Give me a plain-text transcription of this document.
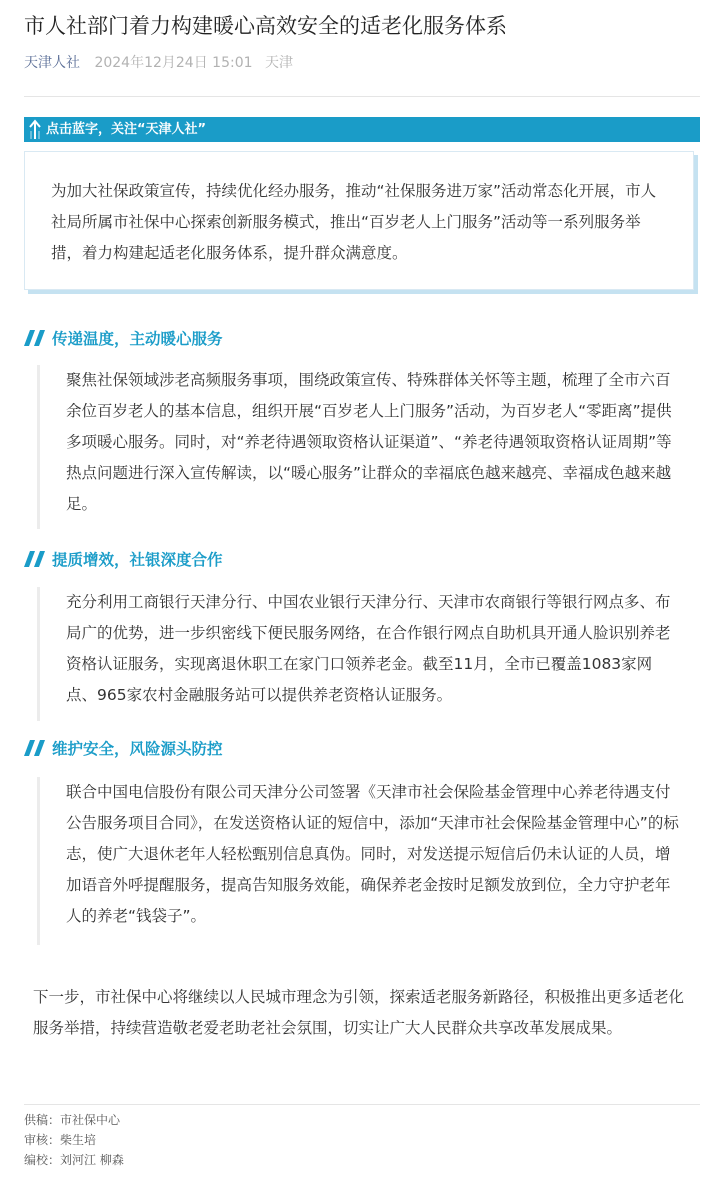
市人社部门着力构建暖心高效安全的适老化服务体系
天津人社 2024年12月24日 15:01 天津
点击蓝字，关注“天津人社”

为加大社保政策宣传，持续优化经办服务，推动“社保服务进万家”活动常态化开展，市人社局所属市社保中心探索创新服务模式，推出“百岁老人上门服务”活动等一系列服务举措，着力构建起适老化服务体系，提升群众满意度。

传递温度，主动暖心服务

聚焦社保领域涉老高频服务事项，围绕政策宣传、特殊群体关怀等主题，梳理了全市六百余位百岁老人的基本信息，组织开展“百岁老人上门服务”活动，为百岁老人“零距离”提供多项暖心服务。同时，对“养老待遇领取资格认证渠道”、“养老待遇领取资格认证周期”等热点问题进行深入宣传解读，以“暖心服务”让群众的幸福底色越来越亮、幸福成色越来越足。

提质增效，社银深度合作

充分利用工商银行天津分行、中国农业银行天津分行、天津市农商银行等银行网点多、布局广的优势，进一步织密线下便民服务网络，在合作银行网点自助机具开通人脸识别养老资格认证服务，实现离退休职工在家门口领养老金。截至11月，全市已覆盖1083家网点、965家农村金融服务站可以提供养老资格认证服务。

维护安全，风险源头防控

联合中国电信股份有限公司天津分公司签署《天津市社会保险基金管理中心养老待遇支付公告服务项目合同》，在发送资格认证的短信中，添加“天津市社会保险基金管理中心”的标志，使广大退休老年人轻松甄别信息真伪。同时，对发送提示短信后仍未认证的人员，增加语音外呼提醒服务，提高告知服务效能，确保养老金按时足额发放到位，全力守护老年人的养老“钱袋子”。

下一步，市社保中心将继续以人民城市理念为引领，探索适老服务新路径，积极推出更多适老化服务举措，持续营造敬老爱老助老社会氛围，切实让广大人民群众共享改革发展成果。

供稿：市社保中心
审核：柴生培
编校：刘河江 柳森
